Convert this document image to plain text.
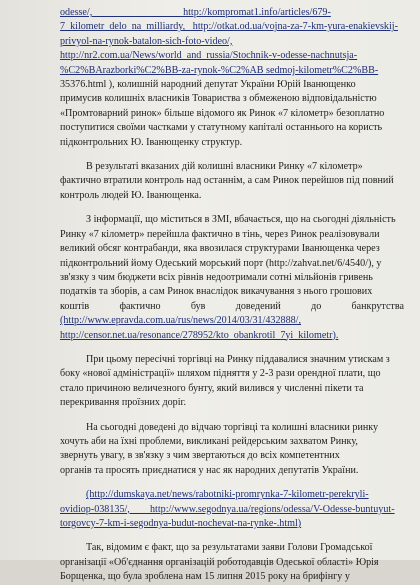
odesse/,                                    http://kompromat1.info/articles/679-
7_kilometr_delo_na_milliardy,   http://otkat.od.ua/vojna-za-7-km-yura-enakievskij-
privyol-na-rynok-batalon-sich-foto-video/,
http://nr2.com.ua/News/world_and_russia/Stochnik-v-odesse-nachnutsja-
%C2%BArazborki%C2%BB-za-rynok-%C2%AB sedmoj-kilometr%C2%BB-
35376.html ), колишній народний депутат України Юрій Іванющенко
примусив колишніх власників Товариства з обмеженою відповідальністю
«Промтоварний ринок» більше відомого як Ринок «7 кілометр» безоплатно
поступитися своїми частками у статутному капіталі останнього на користь
підконтрольних Ю. Іванющенку структур.

В результаті вказаних дій колишні власники Ринку «7 кілометр»
фактично втратили контроль над останнім, а сам Ринок перейшов під повний
контроль людей Ю. Іванющенка.

З інформації, що міститься в ЗМІ, вбачається, що на сьогодні діяльність
Ринку «7 кілометр» перейшла фактично в тінь, через Ринок реалізовували
великий обсяг контрабанди, яка ввозилася структурами Іванющенка через
підконтрольний йому Одеський морський порт (http://zahvat.net/6/4540/), у
зв'язку з чим бюджети всіх рівнів недоотримали сотні мільйонів гривень
податків та зборів, а сам Ринок внаслідок викачування з нього грошових
коштів            фактично            був            доведений            до            банкрутства
(http://www.epravda.com.ua/rus/news/2014/03/31/432888/,
http://censor.net.ua/resonance/278952/kto_obankrotil_7yi_kilometr).

При цьому пересічні торгівці на Ринку піддавалися значним утискам з
боку «нової адміністрації» шляхом підняття у 2-3 рази орендної плати, що
стало причиною величезного бунту, який вилився у численні пікети та
перекривання проїзних доріг.

На сьогодні доведені до відчаю торгівці та колишні власники ринку
хочуть аби на їхні проблеми, викликані рейдерським захватом Ринку,
звернуть увагу, в зв'язку з чим звертаються до всіх компетентних
органів та просять приєднатися у нас як народних депутатів України.

(http://dumskaya.net/news/rabotniki-promrynka-7-kilometr-perekryli-
ovidiop-038135/,        http://www.segodnya.ua/regions/odessa/V-Odesse-buntuyut-
torgovcy-7-km-i-segodnya-budut-nochevat-na-rynke-.html)

Так, відомим є факт, що за результатами заяви Голови Громадської
організації «Об'єднання організацій роботодавців Одеської області» Юрія
Борщенка, що була зроблена нам 15 липня 2015 року на брифінгу у
